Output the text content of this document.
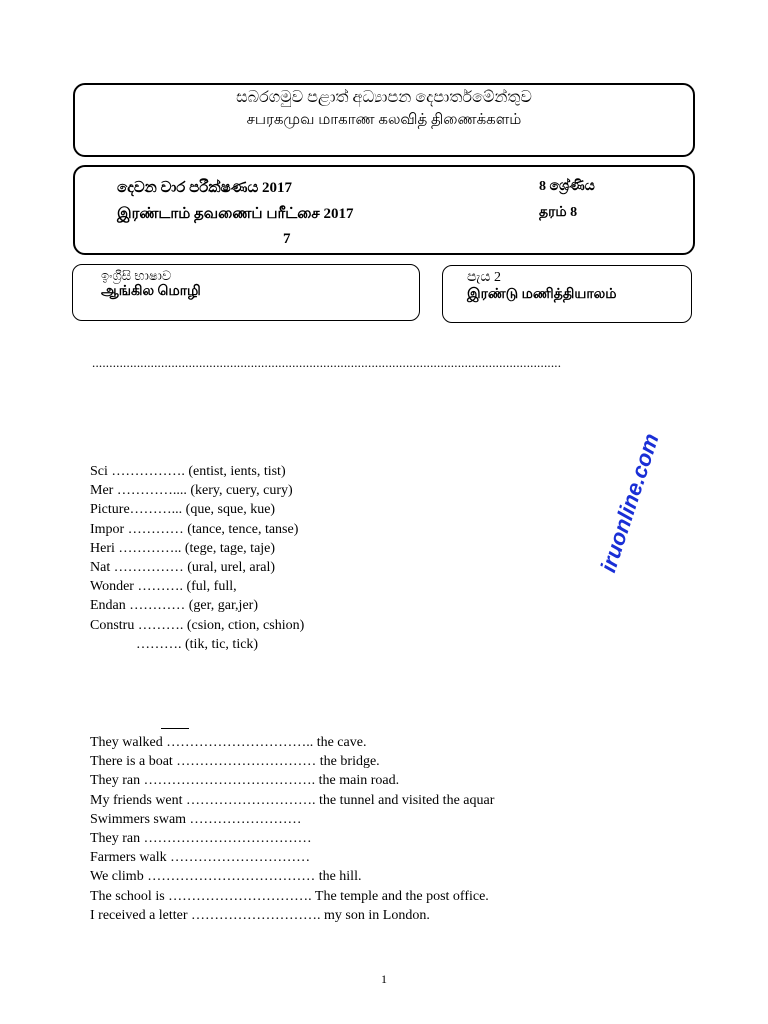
සබරගමුව පළාත් අධ්‍යාපන දෙපාර්තමේන්තුව
சபரகமுவ மாகாண கலவித் திணைக்களம்
දෙවන වාර පරීක්ෂණය 2017	8 ශ්‍රේණිය
இரண்டாம் தவணைப் பரீட்சை 2017	தரம் 8
7
ඉංග්‍රීසි භාෂාව
ஆங்கில மொழி
පැය 2
இரண்டு மணித்தியாலம்
........................................................................................................................................
iruonline.com
Sci ……………. (entist, ients, tist)
Mer ………….... (kery, cuery, cury)
Picture………... (que, sque, kue)
Impor ………… (tance, tence, tanse)
Heri ………….. (tege, tage, taje)
Nat …………… (ural, urel, aral)
Wonder ………. (ful, full,
Endan ………… (ger, gar,jer)
Constru ………. (csion, ction, cshion)
………. (tik, tic, tick)
They walked ………………………….. the cave.
There is a boat ………………………… the bridge.
They ran ………………………………. the main road.
My friends went ………………………. the tunnel and visited the aquar
Swimmers swam ……………………
They ran ………………………………
Farmers walk …………………………
We climb ……………………………… the hill.
The school is …………………………. The temple and the post office.
I received a letter ………………………. my son in London.
1
